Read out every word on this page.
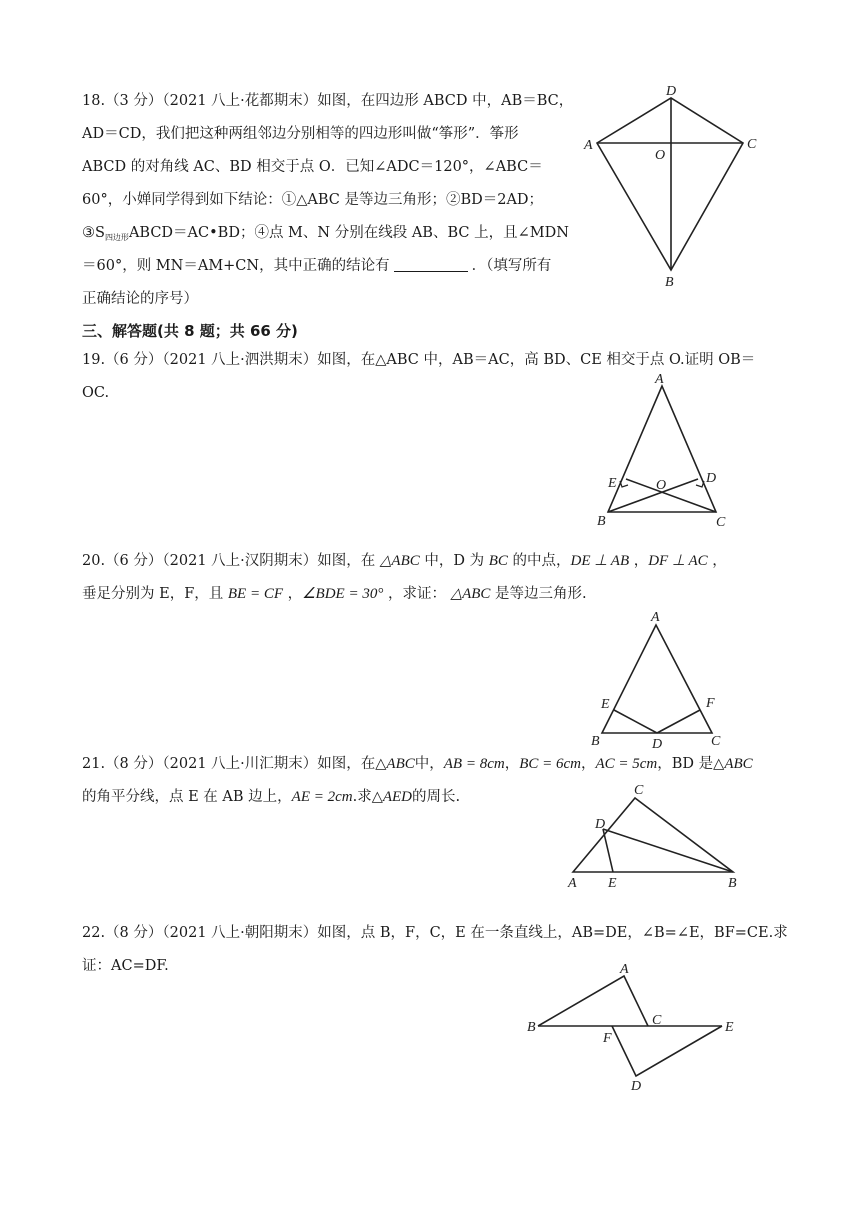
18.（3 分）（2021 八上·花都期末）如图，在四边形 ABCD 中，AB＝BC，
AD＝CD，我们把这种两组邻边分别相等的四边形叫做“筝形”．筝形
ABCD 的对角线 AC、BD 相交于点 O．已知∠ADC＝120°，∠ABC＝
60°，小婵同学得到如下结论：①△ABC 是等边三角形；②BD＝2AD；
$③S_{四边形}ABCD=AC•BD$；④点 M、N 分别在线段 AB、BC 上，且∠MDN
＝60°，则 MN＝AM+CN，其中正确的结论有	．（填写所有
正确结论的序号）
D
A	C
O
B
三、解答题(共 8 题；共 66 分)
19.（6 分）（2021 八上·泗洪期末）如图，在△ABC 中，AB＝AC，高 BD、CE 相交于点 O.证明 OB＝
OC.
A
E	D
O
B	C
20.（6 分）（2021 八上·汉阴期末）如图，在 △ABC 中，D 为 BC 的中点，DE ⊥ AB ，DF ⊥ AC ，
垂足分别为 E，F，且 BE = CF ，∠BDE = 30° ，求证： △ABC 是等边三角形.
A
E	F
B	D	C
21.（8 分）（2021 八上·川汇期末）如图，在△ABC中，AB = 8cm，BC = 6cm，AC = 5cm，BD 是△ABC
的角平分线，点 E 在 AB 边上，AE = 2cm.求△AED的周长.	C
D
A E	B
22.（8 分）（2021 八上·朝阳期末）如图，点 B，F，C，E 在一条直线上，AB=DE，∠B=∠E，BF=CE.求
证：AC=DF.	A
B	C
F
E
D
